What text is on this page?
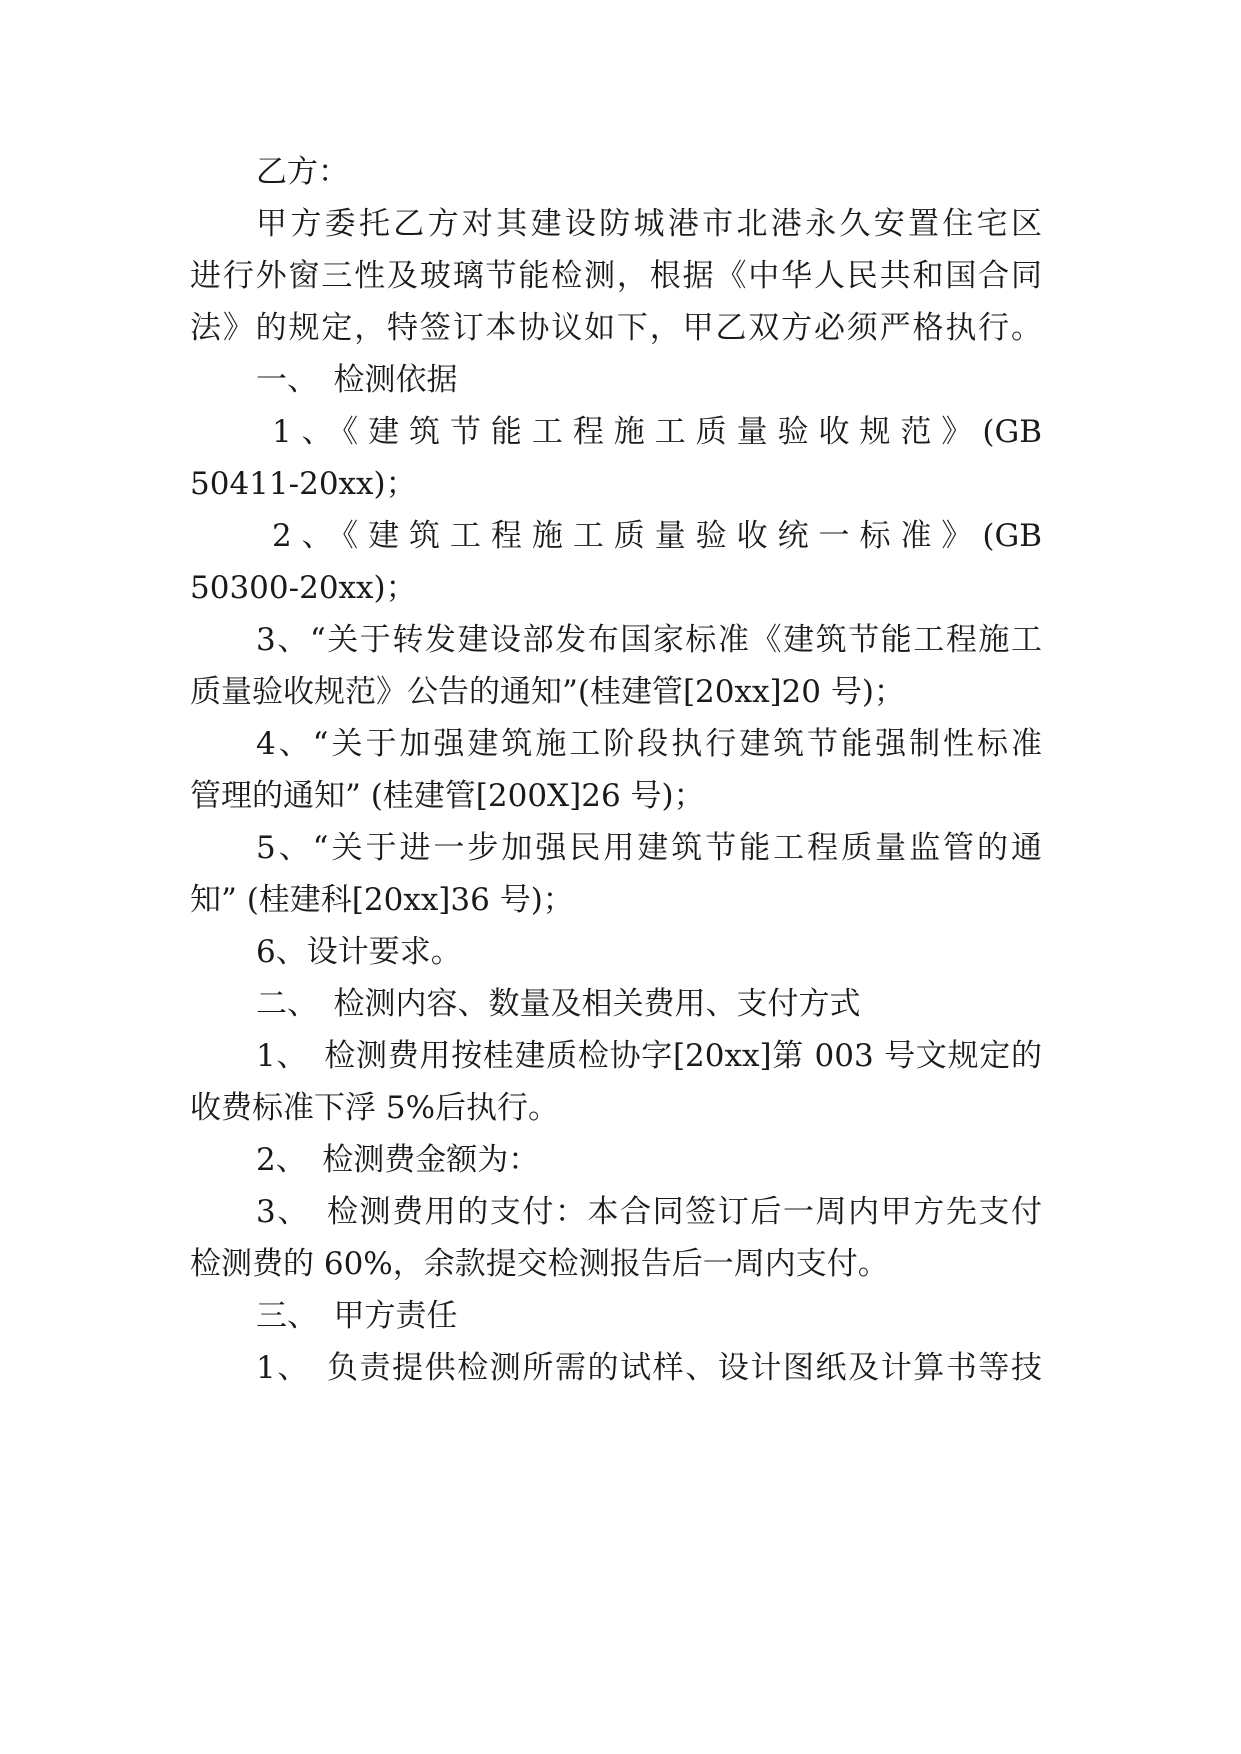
乙方：
甲方委托乙方对其建设防城港市北港永久安置住宅区
进行外窗三性及玻璃节能检测，根据《中华人民共和国合同
法》的规定，特签订本协议如下，甲乙双方必须严格执行。
一、　检测依据
1、《建筑节能工程施工质量验收规范》(GB
50411-20xx)；
2、《建筑工程施工质量验收统一标准》(GB
50300-20xx)；
3、“关于转发建设部发布国家标准《建筑节能工程施工
质量验收规范》公告的通知”(桂建管[20xx]20 号)；
4、“关于加强建筑施工阶段执行建筑节能强制性标准
管理的通知” (桂建管[200X]26 号)；
5、“关于进一步加强民用建筑节能工程质量监管的通
知” (桂建科[20xx]36 号)；
6、设计要求。
二、　检测内容、数量及相关费用、支付方式
1、　检测费用按桂建质检协字[20xx]第 003 号文规定的
收费标准下浮 5%后执行。
2、　检测费金额为：
3、　检测费用的支付：本合同签订后一周内甲方先支付
检测费的 60%，余款提交检测报告后一周内支付。
三、　甲方责任
1、　负责提供检测所需的试样、设计图纸及计算书等技
